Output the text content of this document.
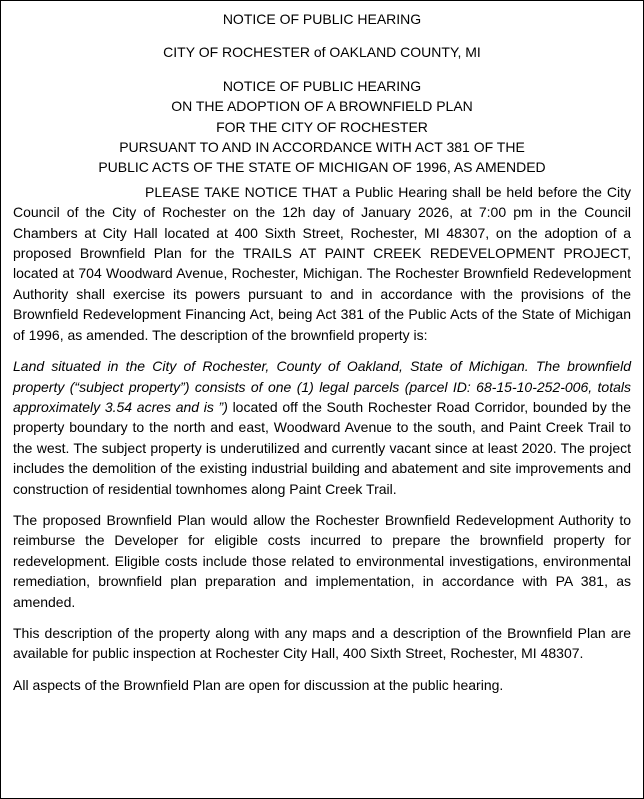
NOTICE OF PUBLIC HEARING

CITY OF ROCHESTER of OAKLAND COUNTY, MI

NOTICE OF PUBLIC HEARING
ON THE ADOPTION OF A BROWNFIELD PLAN
FOR THE CITY OF ROCHESTER
PURSUANT TO AND IN ACCORDANCE WITH ACT 381 OF THE
PUBLIC ACTS OF THE STATE OF MICHIGAN OF 1996, AS AMENDED

PLEASE TAKE NOTICE THAT a Public Hearing shall be held before the City Council of the City of Rochester on the 12h day of January 2026, at 7:00 pm in the Council Chambers at City Hall located at 400 Sixth Street, Rochester, MI 48307, on the adoption of a proposed Brownfield Plan for the TRAILS AT PAINT CREEK REDEVELOPMENT PROJECT, located at 704 Woodward Avenue, Rochester, Michigan. The Rochester Brownfield Redevelopment Authority shall exercise its powers pursuant to and in accordance with the provisions of the Brownfield Redevelopment Financing Act, being Act 381 of the Public Acts of the State of Michigan of 1996, as amended. The description of the brownfield property is:

Land situated in the City of Rochester, County of Oakland, State of Michigan. The brownfield property (“subject property”) consists of one (1) legal parcels (parcel ID: 68-15-10-252-006, totals approximately 3.54 acres and is ”) located off the South Rochester Road Corridor, bounded by the property boundary to the north and east, Woodward Avenue to the south, and Paint Creek Trail to the west. The subject property is underutilized and currently vacant since at least 2020. The project includes the demolition of the existing industrial building and abatement and site improvements and construction of residential townhomes along Paint Creek Trail.

The proposed Brownfield Plan would allow the Rochester Brownfield Redevelopment Authority to reimburse the Developer for eligible costs incurred to prepare the brownfield property for redevelopment. Eligible costs include those related to environmental investigations, environmental remediation, brownfield plan preparation and implementation, in accordance with PA 381, as amended.

This description of the property along with any maps and a description of the Brownfield Plan are available for public inspection at Rochester City Hall, 400 Sixth Street, Rochester, MI 48307.

All aspects of the Brownfield Plan are open for discussion at the public hearing.
